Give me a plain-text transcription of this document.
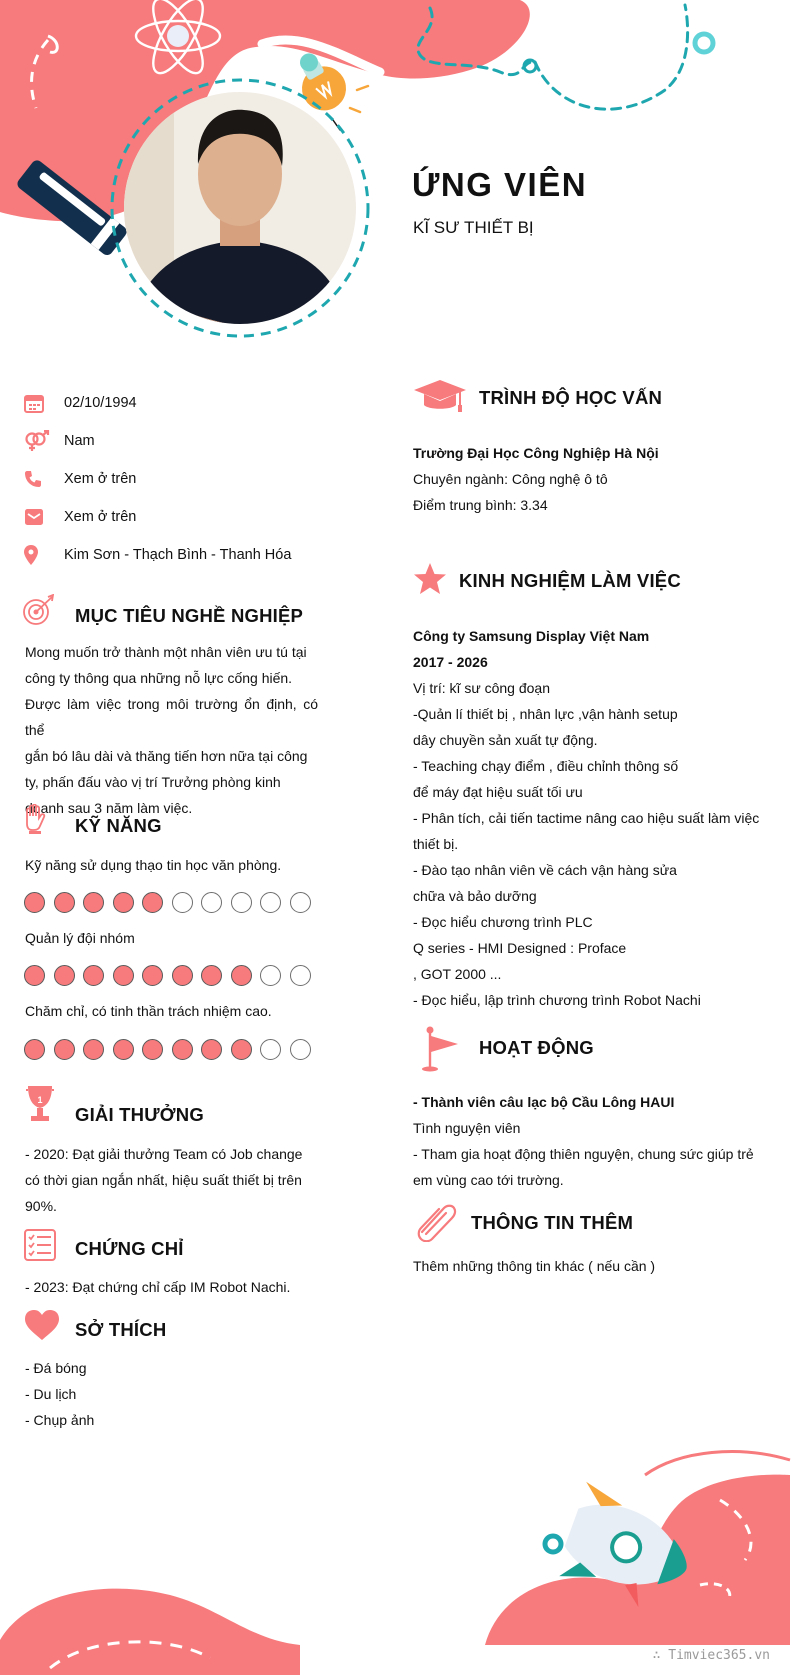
ỨNG VIÊN
KĨ SƯ THIẾT BỊ
02/10/1994
Nam
Xem ở trên
Xem ở trên
Kim Sơn - Thạch Bình - Thanh Hóa
MỤC TIÊU NGHỀ NGHIỆP
Mong muốn trở thành một nhân viên ưu tú tại
công ty thông qua những nỗ lực cống hiến.
Được làm việc trong môi trường ổn định, có thể
gắn bó lâu dài và thăng tiến hơn nữa tại công
ty, phấn đấu vào vị trí Trưởng phòng kinh
doanh sau 3 năm làm việc.
KỸ NĂNG
Kỹ năng sử dụng thạo tin học văn phòng.
Quản lý đội nhóm
Chăm chỉ, có tinh thần trách nhiệm cao.
1
GIẢI THƯỞNG
- 2020: Đạt giải thưởng Team có Job change
có thời gian ngắn nhất, hiệu suất thiết bị trên
90%.
CHỨNG CHỈ
- 2023: Đạt chứng chỉ cấp IM Robot Nachi.
SỞ THÍCH
- Đá bóng
- Du lịch
- Chụp ảnh
TRÌNH ĐỘ HỌC VẤN
Trường Đại Học Công Nghiệp Hà Nội
Chuyên ngành: Công nghệ ô tô
Điểm trung bình: 3.34
KINH NGHIỆM LÀM VIỆC
Công ty Samsung Display Việt Nam
2017 - 2026
Vị trí: kĩ sư công đoạn
-Quản lí thiết bị , nhân lực ,vận hành setup
dây chuyền sản xuất tự động.
- Teaching chạy điểm , điều chỉnh thông số
để máy đạt hiệu suất tối ưu
- Phân tích, cải tiến tactime nâng cao hiệu suất làm việc
thiết bị.
- Đào tạo nhân viên về cách vận hàng sửa
chữa và bảo dưỡng
- Đọc hiểu chương trình PLC
Q series - HMI Designed : Proface
, GOT 2000 ...
- Đọc hiểu, lập trình chương trình Robot Nachi
HOẠT ĐỘNG
- Thành viên câu lạc bộ Cầu Lông HAUI
Tình nguyện viên
- Tham gia hoạt động thiên nguyện, chung sức giúp trẻ
em vùng cao tới trường.
THÔNG TIN THÊM
Thêm những thông tin khác ( nếu cần )
∴ Timviec365.vn
